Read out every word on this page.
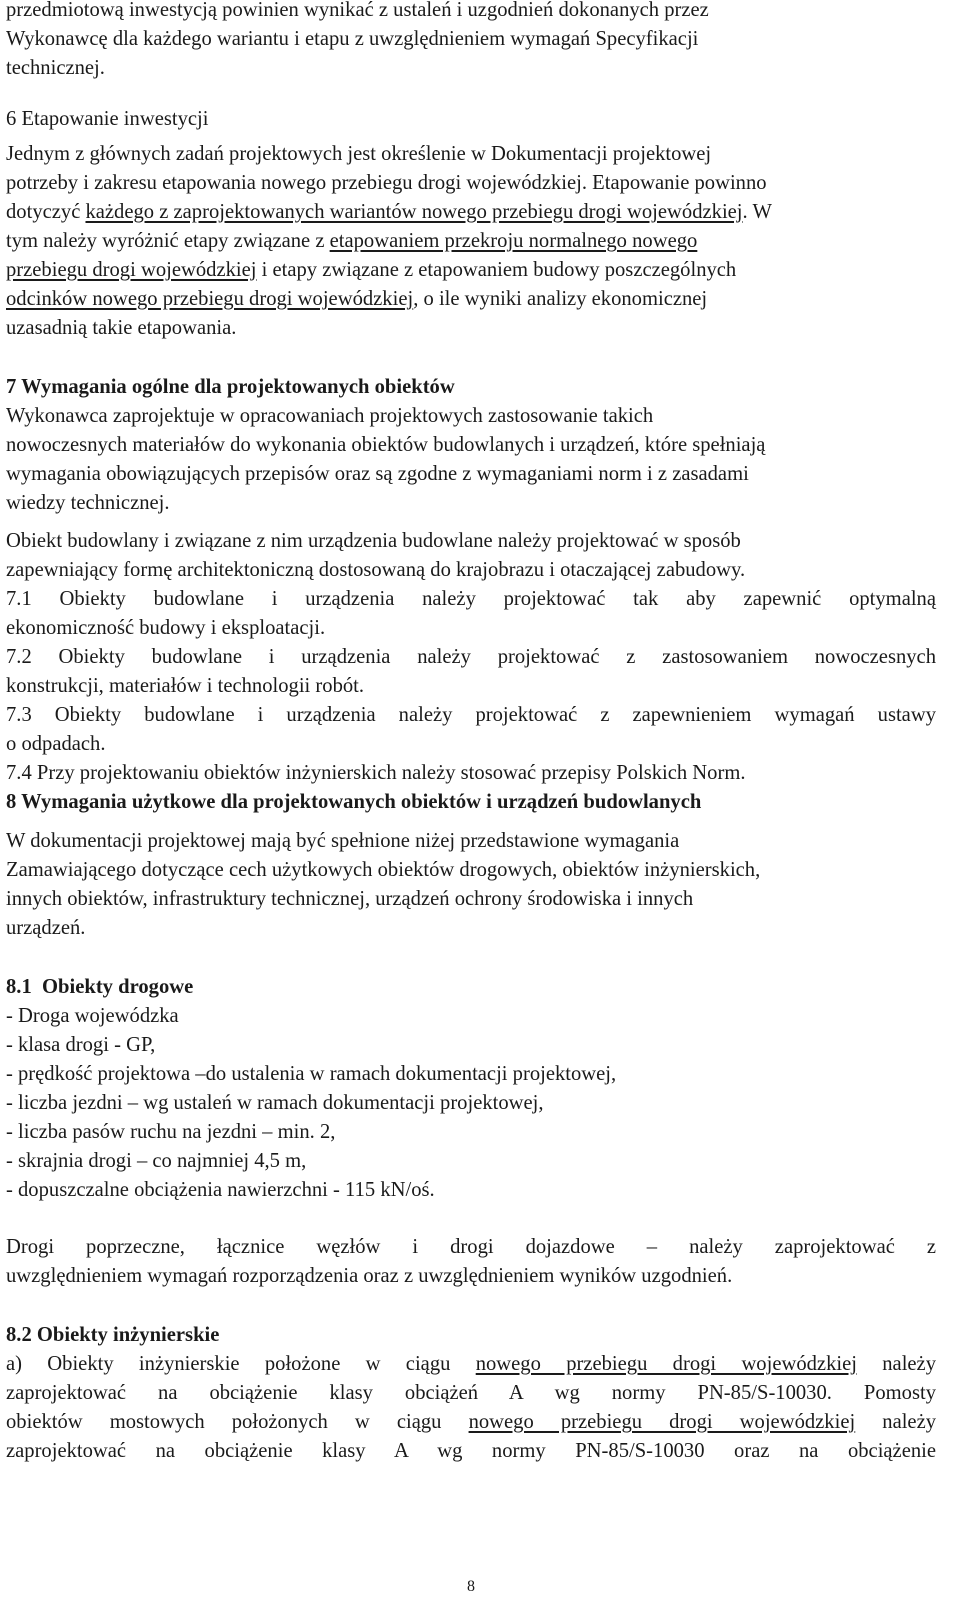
przedmiotową inwestycją powinien wynikać z ustaleń i uzgodnień dokonanych przez

Wykonawcę dla każdego wariantu i etapu z uwzględnieniem wymagań Specyfikacji

technicznej.

6 Etapowanie inwestycji

Jednym z głównych zadań projektowych jest określenie w Dokumentacji projektowej

potrzeby i zakresu etapowania nowego przebiegu drogi wojewódzkiej. Etapowanie powinno

dotyczyć każdego z zaprojektowanych wariantów nowego przebiegu drogi wojewódzkiej. W

tym należy wyróżnić etapy związane z etapowaniem przekroju normalnego nowego

przebiegu drogi wojewódzkiej i etapy związane z etapowaniem budowy poszczególnych

odcinków nowego przebiegu drogi wojewódzkiej, o ile wyniki analizy ekonomicznej

uzasadnią takie etapowania.

7 Wymagania ogólne dla projektowanych obiektów

Wykonawca zaprojektuje w opracowaniach projektowych zastosowanie takich

nowoczesnych materiałów do wykonania obiektów budowlanych i urządzeń, które spełniają

wymagania obowiązujących przepisów oraz są zgodne z wymaganiami norm i z zasadami

wiedzy technicznej.

Obiekt budowlany i związane z nim urządzenia budowlane należy projektować w sposób

zapewniający formę architektoniczną dostosowaną do krajobrazu i otaczającej zabudowy.

7.1 Obiekty budowlane i urządzenia należy projektować tak aby zapewnić optymalną

ekonomiczność budowy i eksploatacji.

7.2 Obiekty budowlane i urządzenia należy projektować z zastosowaniem nowoczesnych

konstrukcji, materiałów i technologii robót.

7.3 Obiekty budowlane i urządzenia należy projektować z zapewnieniem wymagań ustawy

o odpadach.

7.4 Przy projektowaniu obiektów inżynierskich należy stosować przepisy Polskich Norm.

8 Wymagania użytkowe dla projektowanych obiektów i urządzeń budowlanych

W dokumentacji projektowej mają być spełnione niżej przedstawione wymagania

Zamawiającego dotyczące cech użytkowych obiektów drogowych, obiektów inżynierskich,

innych obiektów, infrastruktury technicznej, urządzeń ochrony środowiska i innych

urządzeń.

8.1  Obiekty drogowe

- Droga wojewódzka

- klasa drogi - GP,

- prędkość projektowa –do ustalenia w ramach dokumentacji projektowej,

- liczba jezdni – wg ustaleń w ramach dokumentacji projektowej,

- liczba pasów ruchu na jezdni – min. 2,

- skrajnia drogi – co najmniej 4,5 m,

- dopuszczalne obciążenia nawierzchni - 115 kN/oś.

Drogi poprzeczne, łącznice węzłów i drogi dojazdowe – należy zaprojektować z

uwzględnieniem wymagań rozporządzenia oraz z uwzględnieniem wyników uzgodnień.

8.2 Obiekty inżynierskie

a) Obiekty inżynierskie położone w ciągu nowego przebiegu drogi wojewódzkiej należy

zaprojektować na obciążenie klasy obciążeń A wg normy PN-85/S-10030. Pomosty

obiektów mostowych położonych w ciągu nowego przebiegu drogi wojewódzkiej należy

zaprojektować na obciążenie klasy A wg normy PN-85/S-10030 oraz na obciążenie

8
